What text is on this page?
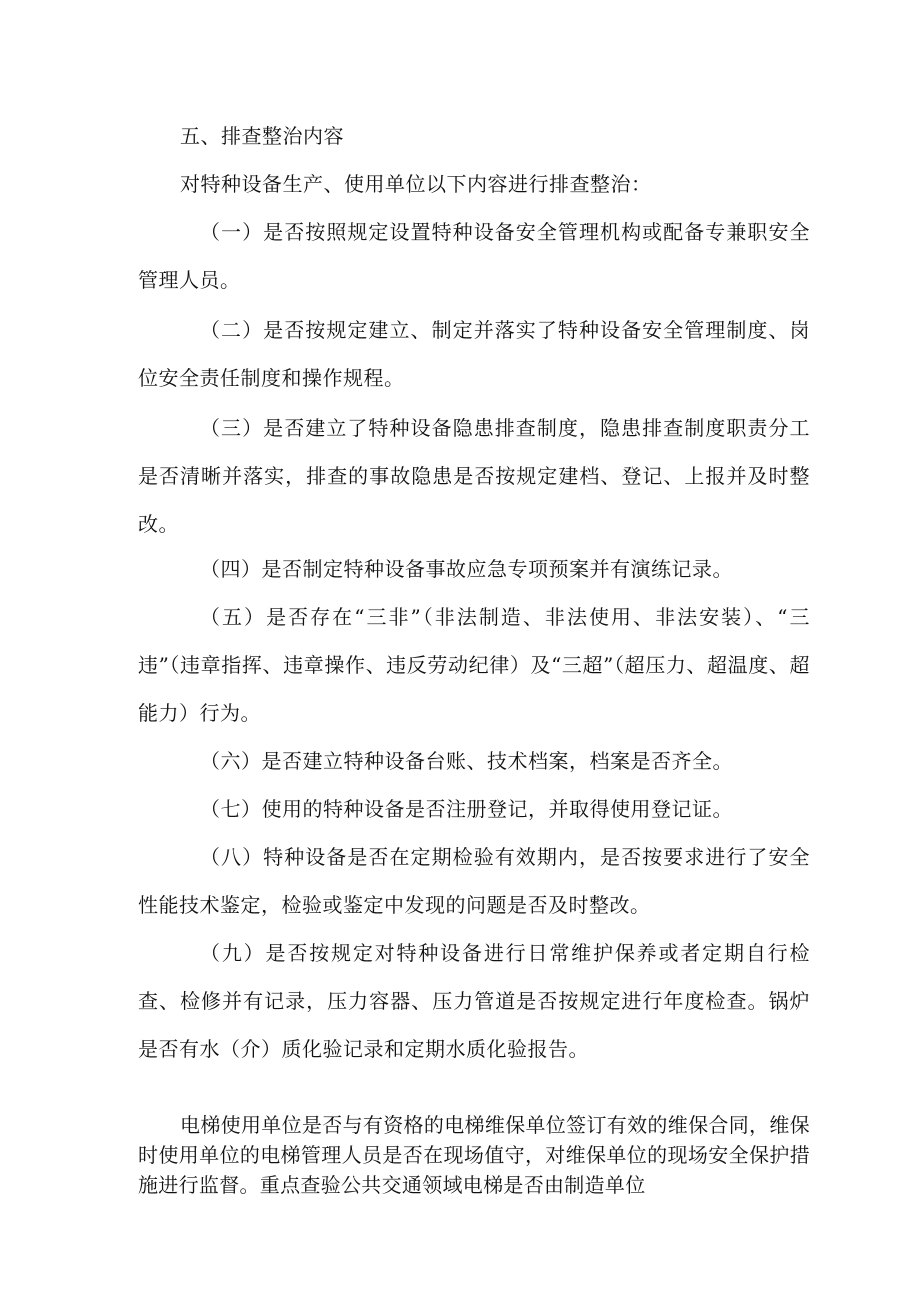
五、排查整治内容

对特种设备生产、使用单位以下内容进行排查整治：

（一）是否按照规定设置特种设备安全管理机构或配备专兼职安全管理人员。

（二）是否按规定建立、制定并落实了特种设备安全管理制度、岗位安全责任制度和操作规程。

（三）是否建立了特种设备隐患排查制度，隐患排查制度职责分工是否清晰并落实，排查的事故隐患是否按规定建档、登记、上报并及时整改。

（四）是否制定特种设备事故应急专项预案并有演练记录。

（五）是否存在“三非”（非法制造、非法使用、非法安装）、“三违”（违章指挥、违章操作、违反劳动纪律）及“三超”（超压力、超温度、超能力）行为。

（六）是否建立特种设备台账、技术档案，档案是否齐全。

（七）使用的特种设备是否注册登记，并取得使用登记证。

（八）特种设备是否在定期检验有效期内，是否按要求进行了安全性能技术鉴定，检验或鉴定中发现的问题是否及时整改。

（九）是否按规定对特种设备进行日常维护保养或者定期自行检查、检修并有记录，压力容器、压力管道是否按规定进行年度检查。锅炉是否有水（介）质化验记录和定期水质化验报告。

电梯使用单位是否与有资格的电梯维保单位签订有效的维保合同，维保时使用单位的电梯管理人员是否在现场值守，对维保单位的现场安全保护措施进行监督。重点查验公共交通领域电梯是否由制造单位
